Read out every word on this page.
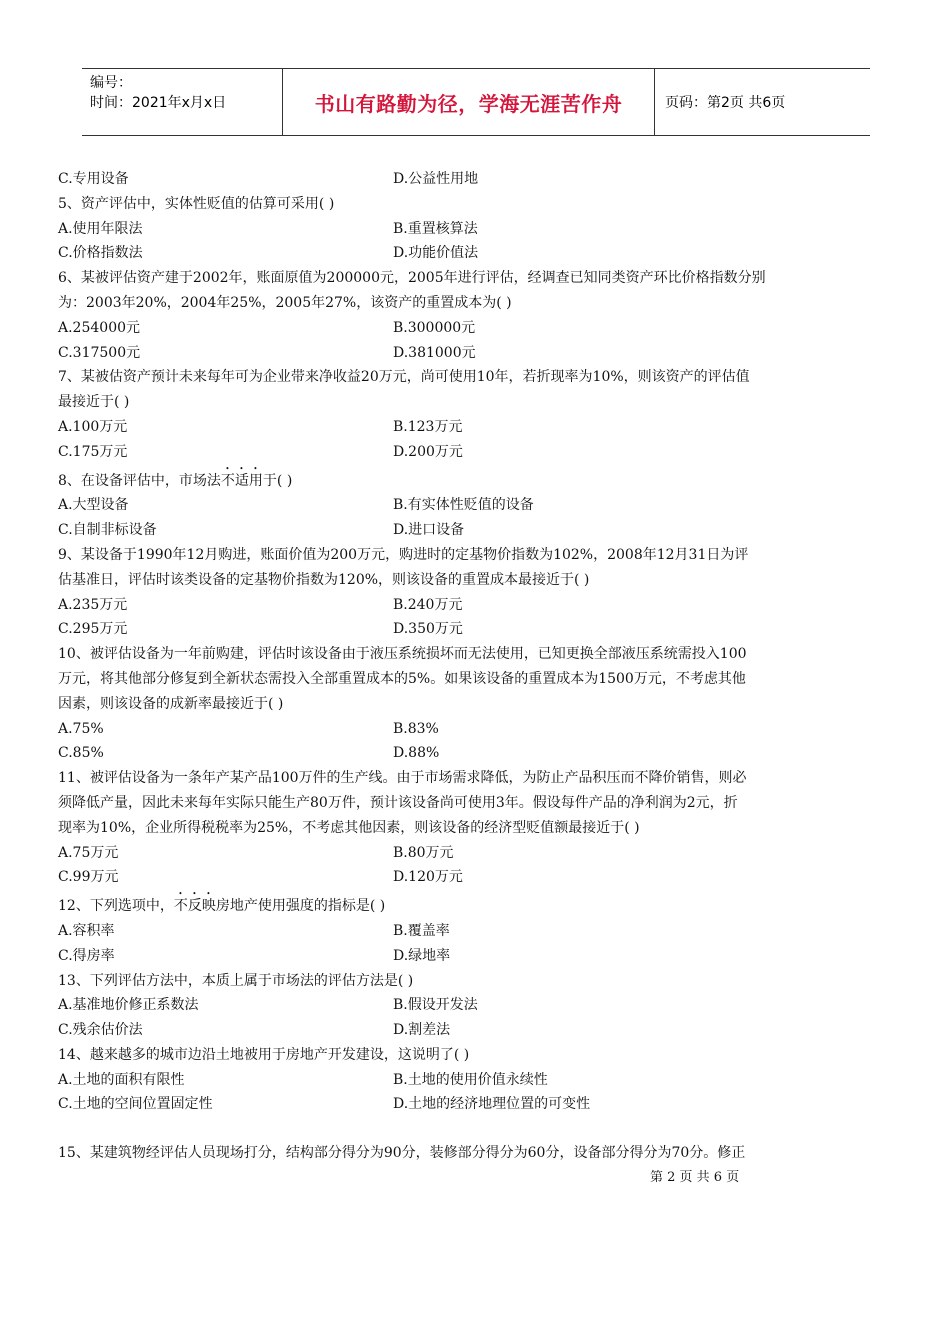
编号：
时间：2021年x月x日	书山有路勤为径，学海无涯苦作舟	页码：第2页 共6页
C.专用设备	D.公益性用地
5、资产评估中，实体性贬值的估算可采用( )
A.使用年限法	B.重置核算法
C.价格指数法	D.功能价值法
6、某被评估资产建于2002年，账面原值为200000元，2005年进行评估，经调查已知同类资产环比价格指数分别
为：2003年20%，2004年25%，2005年27%，该资产的重置成本为( )
A.254000元	B.300000元
C.317500元	D.381000元
7、某被估资产预计未来每年可为企业带来净收益20万元，尚可使用10年，若折现率为10%，则该资产的评估值
最接近于( )
A.100万元	B.123万元
C.175万元	D.200万元
8、在设备评估中，市场法不适用于( )
A.大型设备	B.有实体性贬值的设备
C.自制非标设备	D.进口设备
9、某设备于1990年12月购进，账面价值为200万元，购进时的定基物价指数为102%，2008年12月31日为评
估基准日，评估时该类设备的定基物价指数为120%，则该设备的重置成本最接近于( )
A.235万元	B.240万元
C.295万元	D.350万元
10、被评估设备为一年前购建，评估时该设备由于液压系统损坏而无法使用，已知更换全部液压系统需投入100
万元，将其他部分修复到全新状态需投入全部重置成本的5%。如果该设备的重置成本为1500万元，不考虑其他
因素，则该设备的成新率最接近于( )
A.75%	B.83%
C.85%	D.88%
11、被评估设备为一条年产某产品100万件的生产线。由于市场需求降低，为防止产品积压而不降价销售，则必
须降低产量，因此未来每年实际只能生产80万件，预计该设备尚可使用3年。假设每件产品的净利润为2元，折
现率为10%，企业所得税税率为25%，不考虑其他因素，则该设备的经济型贬值额最接近于( )
A.75万元	B.80万元
C.99万元	D.120万元
12、下列选项中，不反映房地产使用强度的指标是( )
A.容积率	B.覆盖率
C.得房率	D.绿地率
13、下列评估方法中，本质上属于市场法的评估方法是( )
A.基准地价修正系数法	B.假设开发法
C.残余估价法	D.割差法
14、越来越多的城市边沿土地被用于房地产开发建设，这说明了( )
A.土地的面积有限性	B.土地的使用价值永续性
C.土地的空间位置固定性	D.土地的经济地理位置的可变性
15、某建筑物经评估人员现场打分，结构部分得分为90分，装修部分得分为60分，设备部分得分为70分。修正
第 2 页 共 6 页
